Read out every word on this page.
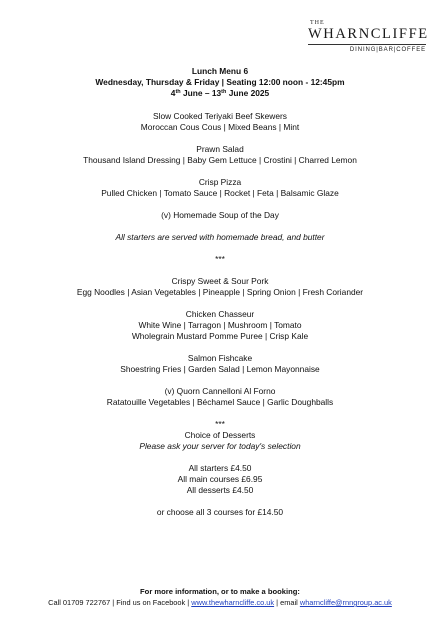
THE
WHARNCLIFFE
DINING|BAR|COFFEE
Lunch Menu 6
Wednesday, Thursday & Friday | Seating 12:00 noon - 12:45pm
4th June – 13th June 2025
Slow Cooked Teriyaki Beef Skewers
Moroccan Cous Cous | Mixed Beans | Mint
Prawn Salad
Thousand Island Dressing | Baby Gem Lettuce | Crostini | Charred Lemon
Crisp Pizza
Pulled Chicken | Tomato Sauce | Rocket | Feta | Balsamic Glaze
(v) Homemade Soup of the Day
All starters are served with homemade bread, and butter
***
Crispy Sweet & Sour Pork
Egg Noodles | Asian Vegetables | Pineapple | Spring Onion | Fresh Coriander
Chicken Chasseur
White Wine | Tarragon | Mushroom | Tomato
Wholegrain Mustard Pomme Puree | Crisp Kale
Salmon Fishcake
Shoestring Fries | Garden Salad | Lemon Mayonnaise
(v) Quorn Cannelloni Al Forno
Ratatouille Vegetables | Béchamel Sauce | Garlic Doughballs
***
Choice of Desserts
Please ask your server for today's selection
All starters £4.50
All main courses £6.95
All desserts £4.50
or choose all 3 courses for £14.50
For more information, or to make a booking:
Call 01709 722767 | Find us on Facebook | www.thewharncliffe.co.uk | email wharncliffe@rnngroup.ac.uk
